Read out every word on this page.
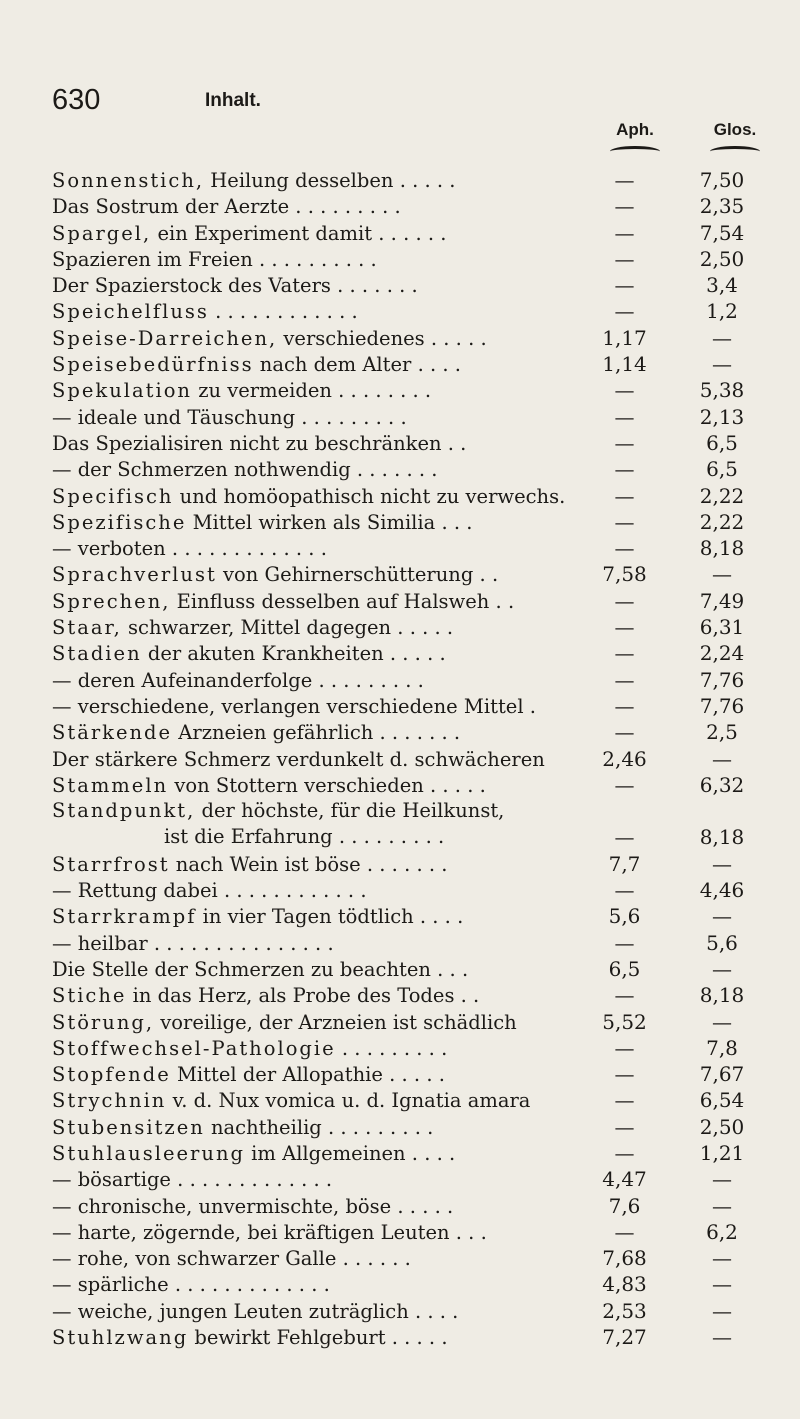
630	Inhalt.
Aph.	Glos.
Sonnenstich, Heilung desselben . . . . .	—	7,50
Das Sostrum der Aerzte . . . . . . . . .	—	2,35
Spargel, ein Experiment damit . . . . . .	—	7,54
Spazieren im Freien . . . . . . . . . .	—	2,50
Der Spazierstock des Vaters . . . . . . .	—	3,4
Speichelfluss . . . . . . . . . . . .	—	1,2
Speise-Darreichen, verschiedenes . . . . .	1,17	—
Speisebedürfniss nach dem Alter . . . .	1,14	—
Spekulation zu vermeiden . . . . . . . .	—	5,38
— ideale und Täuschung . . . . . . . . .	—	2,13
Das Spezialisiren nicht zu beschränken . .	—	6,5
— der Schmerzen nothwendig . . . . . . .	—	6,5
Specifisch und homöopathisch nicht zu verwechs.	—	2,22
Spezifische Mittel wirken als Similia . . .	—	2,22
— verboten . . . . . . . . . . . . .	—	8,18
Sprachverlust von Gehirnerschütterung . .	7,58	—
Sprechen, Einfluss desselben auf Halsweh . .	—	7,49
Staar, schwarzer, Mittel dagegen . . . . .	—	6,31
Stadien der akuten Krankheiten . . . . .	—	2,24
— deren Aufeinanderfolge . . . . . . . . .	—	7,76
— verschiedene, verlangen verschiedene Mittel .	—	7,76
Stärkende Arzneien gefährlich . . . . . . .	—	2,5
Der stärkere Schmerz verdunkelt d. schwächeren	2,46	—
Stammeln von Stottern verschieden . . . . .	—	6,32
Standpunkt, der höchste, für die Heilkunst,
ist die Erfahrung . . . . . . . . .	—	8,18
Starrfrost nach Wein ist böse . . . . . . .	7,7	—
— Rettung dabei . . . . . . . . . . . .	—	4,46
Starrkrampf in vier Tagen tödtlich . . . .	5,6	—
— heilbar . . . . . . . . . . . . . . .	—	5,6
Die Stelle der Schmerzen zu beachten . . .	6,5	—
Stiche in das Herz, als Probe des Todes . .	—	8,18
Störung, voreilige, der Arzneien ist schädlich	5,52	—
Stoffwechsel-Pathologie . . . . . . . . .	—	7,8
Stopfende Mittel der Allopathie . . . . .	—	7,67
Strychnin v. d. Nux vomica u. d. Ignatia amara	—	6,54
Stubensitzen nachtheilig . . . . . . . . .	—	2,50
Stuhlausleerung im Allgemeinen . . . .	—	1,21
— bösartige . . . . . . . . . . . . .	4,47	—
— chronische, unvermischte, böse . . . . .	7,6	—
— harte, zögernde, bei kräftigen Leuten . . .	—	6,2
— rohe, von schwarzer Galle . . . . . .	7,68	—
— spärliche . . . . . . . . . . . . .	4,83	—
— weiche, jungen Leuten zuträglich . . . .	2,53	—
Stuhlzwang bewirkt Fehlgeburt . . . . .	7,27	—
